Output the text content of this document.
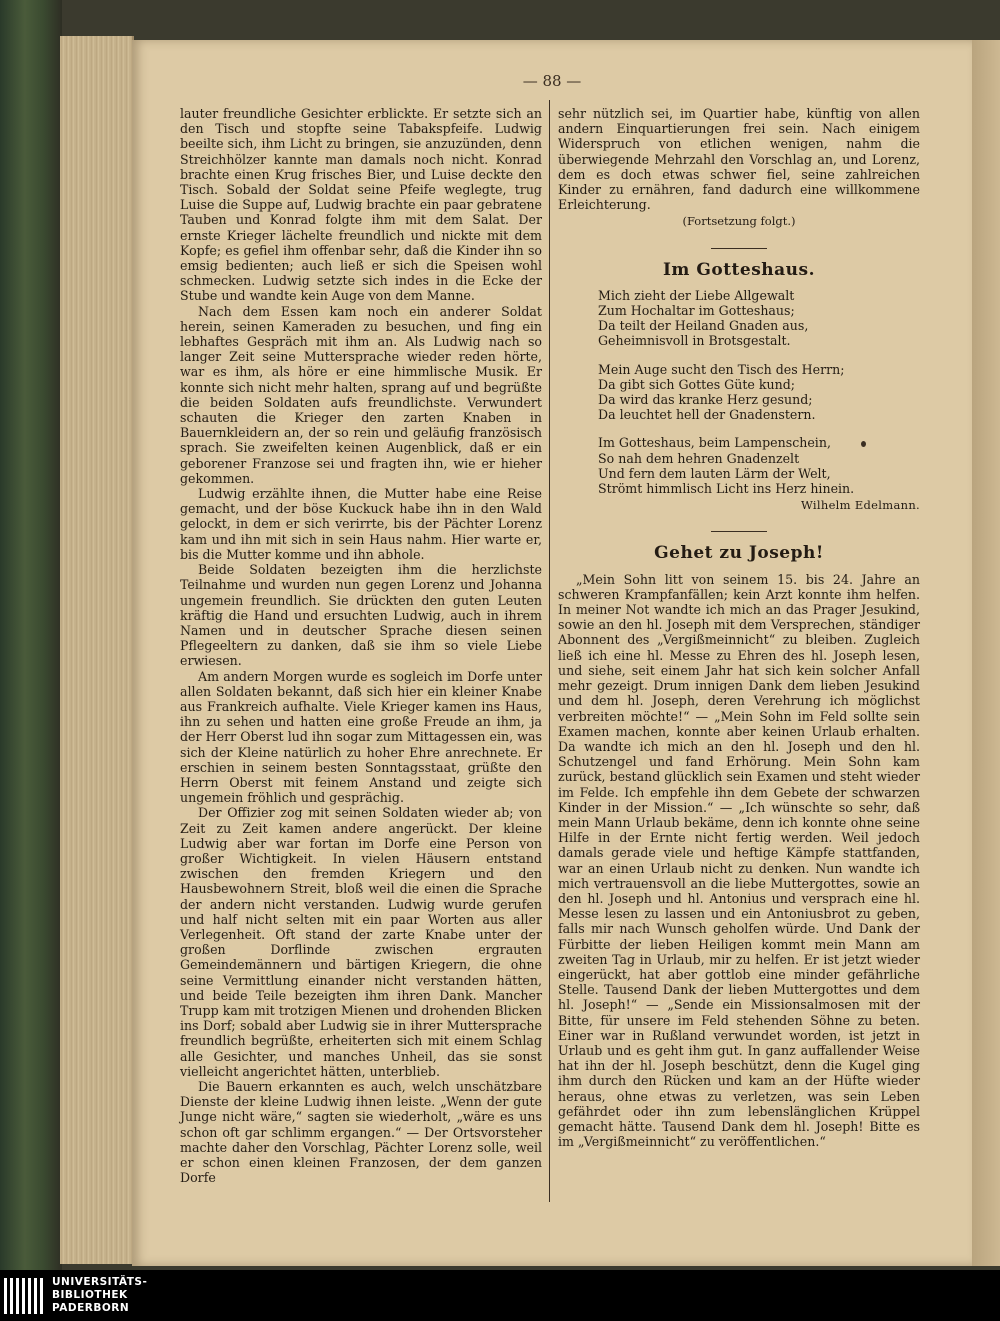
— 88 —

lauter freundliche Gesichter erblickte. Er setzte sich an den Tisch und stopfte seine Tabakspfeife. Ludwig beeilte sich, ihm Licht zu bringen, sie anzuzünden, denn Streichhölzer kannte man damals noch nicht. Konrad brachte einen Krug frisches Bier, und Luise deckte den Tisch. Sobald der Soldat seine Pfeife weglegte, trug Luise die Suppe auf, Ludwig brachte ein paar gebratene Tauben und Konrad folgte ihm mit dem Salat. Der ernste Krieger lächelte freundlich und nickte mit dem Kopfe; es gefiel ihm offenbar sehr, daß die Kinder ihn so emsig bedienten; auch ließ er sich die Speisen wohl schmecken. Ludwig setzte sich indes in die Ecke der Stube und wandte kein Auge von dem Manne.

Nach dem Essen kam noch ein anderer Soldat herein, seinen Kameraden zu besuchen, und fing ein lebhaftes Gespräch mit ihm an. Als Ludwig nach so langer Zeit seine Muttersprache wieder reden hörte, war es ihm, als höre er eine himmlische Musik. Er konnte sich nicht mehr halten, sprang auf und begrüßte die beiden Soldaten aufs freundlichste. Verwundert schauten die Krieger den zarten Knaben in Bauernkleidern an, der so rein und geläufig französisch sprach. Sie zweifelten keinen Augenblick, daß er ein geborener Franzose sei und fragten ihn, wie er hieher gekommen.

Ludwig erzählte ihnen, die Mutter habe eine Reise gemacht, und der böse Kuckuck habe ihn in den Wald gelockt, in dem er sich verirrte, bis der Pächter Lorenz kam und ihn mit sich in sein Haus nahm. Hier warte er, bis die Mutter komme und ihn abhole.

Beide Soldaten bezeigten ihm die herzlichste Teilnahme und wurden nun gegen Lorenz und Johanna ungemein freundlich. Sie drückten den guten Leuten kräftig die Hand und ersuchten Ludwig, auch in ihrem Namen und in deutscher Sprache diesen seinen Pflegeeltern zu danken, daß sie ihm so viele Liebe erwiesen.

Am andern Morgen wurde es sogleich im Dorfe unter allen Soldaten bekannt, daß sich hier ein kleiner Knabe aus Frankreich aufhalte. Viele Krieger kamen ins Haus, ihn zu sehen und hatten eine große Freude an ihm, ja der Herr Oberst lud ihn sogar zum Mittagessen ein, was sich der Kleine natürlich zu hoher Ehre anrechnete. Er erschien in seinem besten Sonntagsstaat, grüßte den Herrn Oberst mit feinem Anstand und zeigte sich ungemein fröhlich und gesprächig.

Der Offizier zog mit seinen Soldaten wieder ab; von Zeit zu Zeit kamen andere angerückt. Der kleine Ludwig aber war fortan im Dorfe eine Person von großer Wichtigkeit. In vielen Häusern entstand zwischen den fremden Kriegern und den Hausbewohnern Streit, bloß weil die einen die Sprache der andern nicht verstanden. Ludwig wurde gerufen und half nicht selten mit ein paar Worten aus aller Verlegenheit. Oft stand der zarte Knabe unter der großen Dorflinde zwischen ergrauten Gemeindemännern und bärtigen Kriegern, die ohne seine Vermittlung einander nicht verstanden hätten, und beide Teile bezeigten ihm ihren Dank. Mancher Trupp kam mit trotzigen Mienen und drohenden Blicken ins Dorf; sobald aber Ludwig sie in ihrer Muttersprache freundlich begrüßte, erheiterten sich mit einem Schlag alle Gesichter, und manches Unheil, das sie sonst vielleicht angerichtet hätten, unterblieb.

Die Bauern erkannten es auch, welch unschätzbare Dienste der kleine Ludwig ihnen leiste. „Wenn der gute Junge nicht wäre,“ sagten sie wiederholt, „wäre es uns schon oft gar schlimm ergangen.“ — Der Ortsvorsteher machte daher den Vorschlag, Pächter Lorenz solle, weil er schon einen kleinen Franzosen, der dem ganzen Dorfe

sehr nützlich sei, im Quartier habe, künftig von allen andern Einquartierungen frei sein. Nach einigem Widerspruch von etlichen wenigen, nahm die überwiegende Mehrzahl den Vorschlag an, und Lorenz, dem es doch etwas schwer fiel, seine zahlreichen Kinder zu ernähren, fand dadurch eine willkommene Erleichterung.

(Fortsetzung folgt.)
Im Gotteshaus.
Mich zieht der Liebe Allgewalt
Zum Hochaltar im Gotteshaus;
Da teilt der Heiland Gnaden aus,
Geheimnisvoll in Brotsgestalt.
Mein Auge sucht den Tisch des Herrn;
Da gibt sich Gottes Güte kund;
Da wird das kranke Herz gesund;
Da leuchtet hell der Gnadenstern.
Im Gotteshaus, beim Lampenschein,
So nah dem hehren Gnadenzelt
Und fern dem lauten Lärm der Welt,
Strömt himmlisch Licht ins Herz hinein.
Wilhelm Edelmann.
Gehet zu Joseph!

„Mein Sohn litt von seinem 15. bis 24. Jahre an schweren Krampfanfällen; kein Arzt konnte ihm helfen. In meiner Not wandte ich mich an das Prager Jesukind, sowie an den hl. Joseph mit dem Versprechen, ständiger Abonnent des „Vergißmeinnicht“ zu bleiben. Zugleich ließ ich eine hl. Messe zu Ehren des hl. Joseph lesen, und siehe, seit einem Jahr hat sich kein solcher Anfall mehr gezeigt. Drum innigen Dank dem lieben Jesukind und dem hl. Joseph, deren Verehrung ich möglichst verbreiten möchte!“ — „Mein Sohn im Feld sollte sein Examen machen, konnte aber keinen Urlaub erhalten. Da wandte ich mich an den hl. Joseph und den hl. Schutzengel und fand Erhörung. Mein Sohn kam zurück, bestand glücklich sein Examen und steht wieder im Felde. Ich empfehle ihn dem Gebete der schwarzen Kinder in der Mission.“ — „Ich wünschte so sehr, daß mein Mann Urlaub bekäme, denn ich konnte ohne seine Hilfe in der Ernte nicht fertig werden. Weil jedoch damals gerade viele und heftige Kämpfe stattfanden, war an einen Urlaub nicht zu denken. Nun wandte ich mich vertrauensvoll an die liebe Muttergottes, sowie an den hl. Joseph und hl. Antonius und versprach eine hl. Messe lesen zu lassen und ein Antoniusbrot zu geben, falls mir nach Wunsch geholfen würde. Und Dank der Fürbitte der lieben Heiligen kommt mein Mann am zweiten Tag in Urlaub, mir zu helfen. Er ist jetzt wieder eingerückt, hat aber gottlob eine minder gefährliche Stelle. Tausend Dank der lieben Muttergottes und dem hl. Joseph!“ — „Sende ein Missionsalmosen mit der Bitte, für unsere im Feld stehenden Söhne zu beten. Einer war in Rußland verwundet worden, ist jetzt in Urlaub und es geht ihm gut. In ganz auffallender Weise hat ihn der hl. Joseph beschützt, denn die Kugel ging ihm durch den Rücken und kam an der Hüfte wieder heraus, ohne etwas zu verletzen, was sein Leben gefährdet oder ihn zum lebenslänglichen Krüppel gemacht hätte. Tausend Dank dem hl. Joseph! Bitte es im „Vergißmeinnicht“ zu veröffentlichen.“

UNIVERSITÄTS-
BIBLIOTHEK
PADERBORN
